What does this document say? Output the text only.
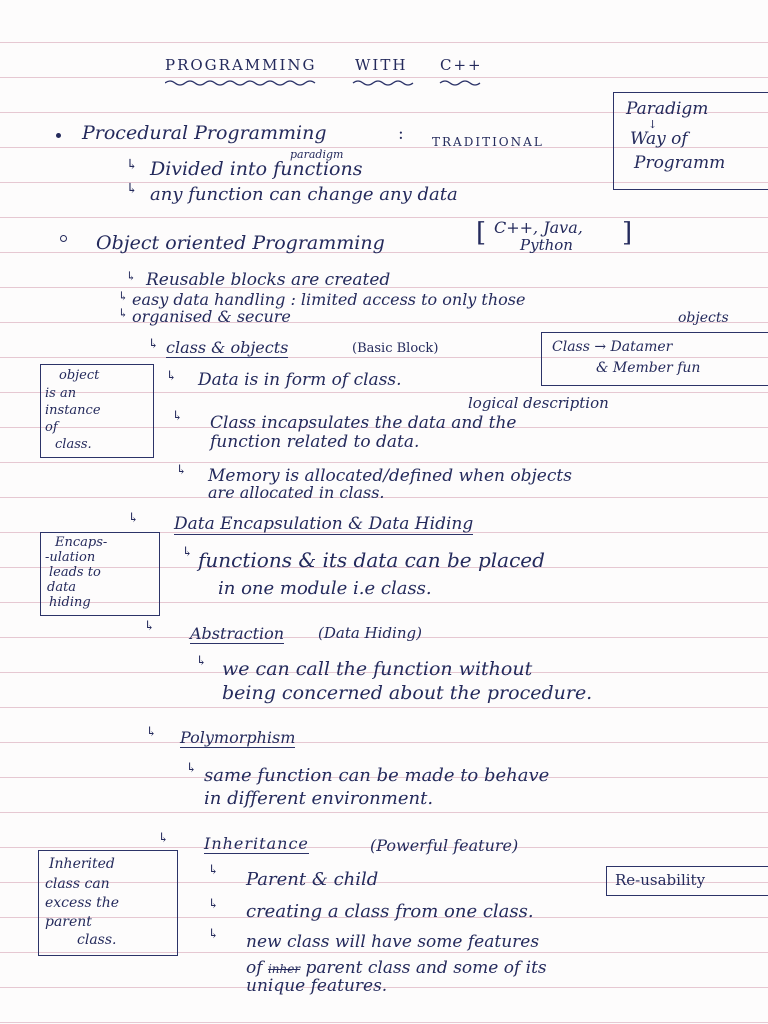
PROGRAMMING	WITH C++
Paradigm
↓
Way of
Programm
Procedural Programming	: TRADITIONAL
paradigm
↳ Divided into functions
↳ any function can change any data
Object oriented Programming	[ C++, Java,
Python ]
↳ Reusable blocks are created
↳ easy data handling : limited access to only those
objects
↳ organised & secure
↳ class & objects	(Basic Block)	Class → Datamer
& Member fun
object
is an
instance
of
class.
↳ Data is in form of class.
logical description
↳ Class incapsulates the data and the
function related to data.
↳ Memory is allocated/defined when objects
are allocated in class.
↳ Data Encapsulation & Data Hiding
Encaps-
-ulation
leads to
data
hiding
↳ functions & its data can be placed
in one module i.e class.
↳ Abstraction (Data Hiding)
↳ we can call the function without
being concerned about the procedure.
↳ Polymorphism
↳ same function can be made to behave
in different environment.
↳ Inheritance	(Powerful feature)
Inherited
class can
excess the
parent
class.
↳ Parent & child	Re-usability
↳ creating a class from one class.
↳ new class will have some features
of inher parent class and some of its
unique features.
